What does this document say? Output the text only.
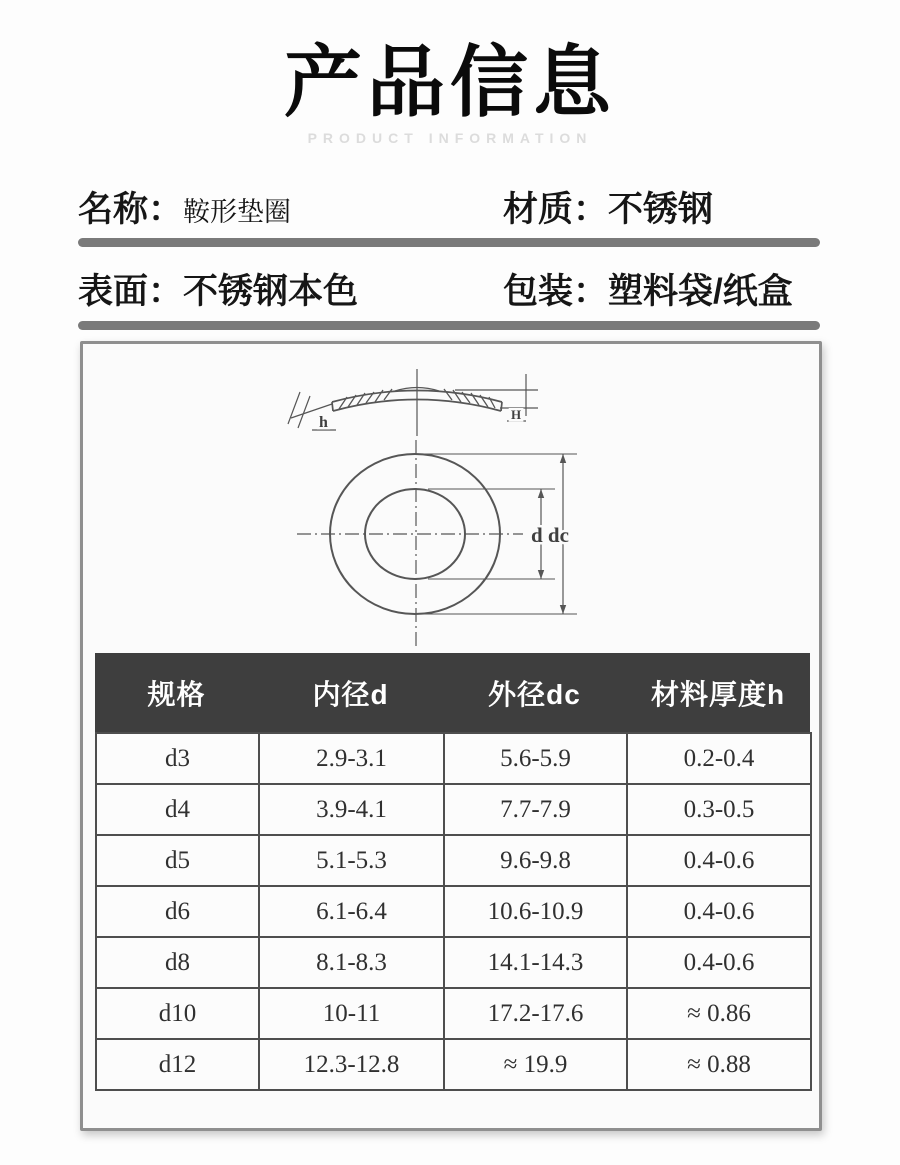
产品信息
PRODUCT INFORMATION
名称： 鞍形垫圈	材质： 不锈钢
表面： 不锈钢本色	包装： 塑料袋/纸盒
h	H
d dc
规格	内径d	外径dc	材料厚度h
d3	2.9-3.1	5.6-5.9	0.2-0.4
d4	3.9-4.1	7.7-7.9	0.3-0.5
d5	5.1-5.3	9.6-9.8	0.4-0.6
d6	6.1-6.4	10.6-10.9	0.4-0.6
d8	8.1-8.3	14.1-14.3	0.4-0.6
d10	10-11	17.2-17.6	≈ 0.86
d12	12.3-12.8	≈ 19.9	≈ 0.88
